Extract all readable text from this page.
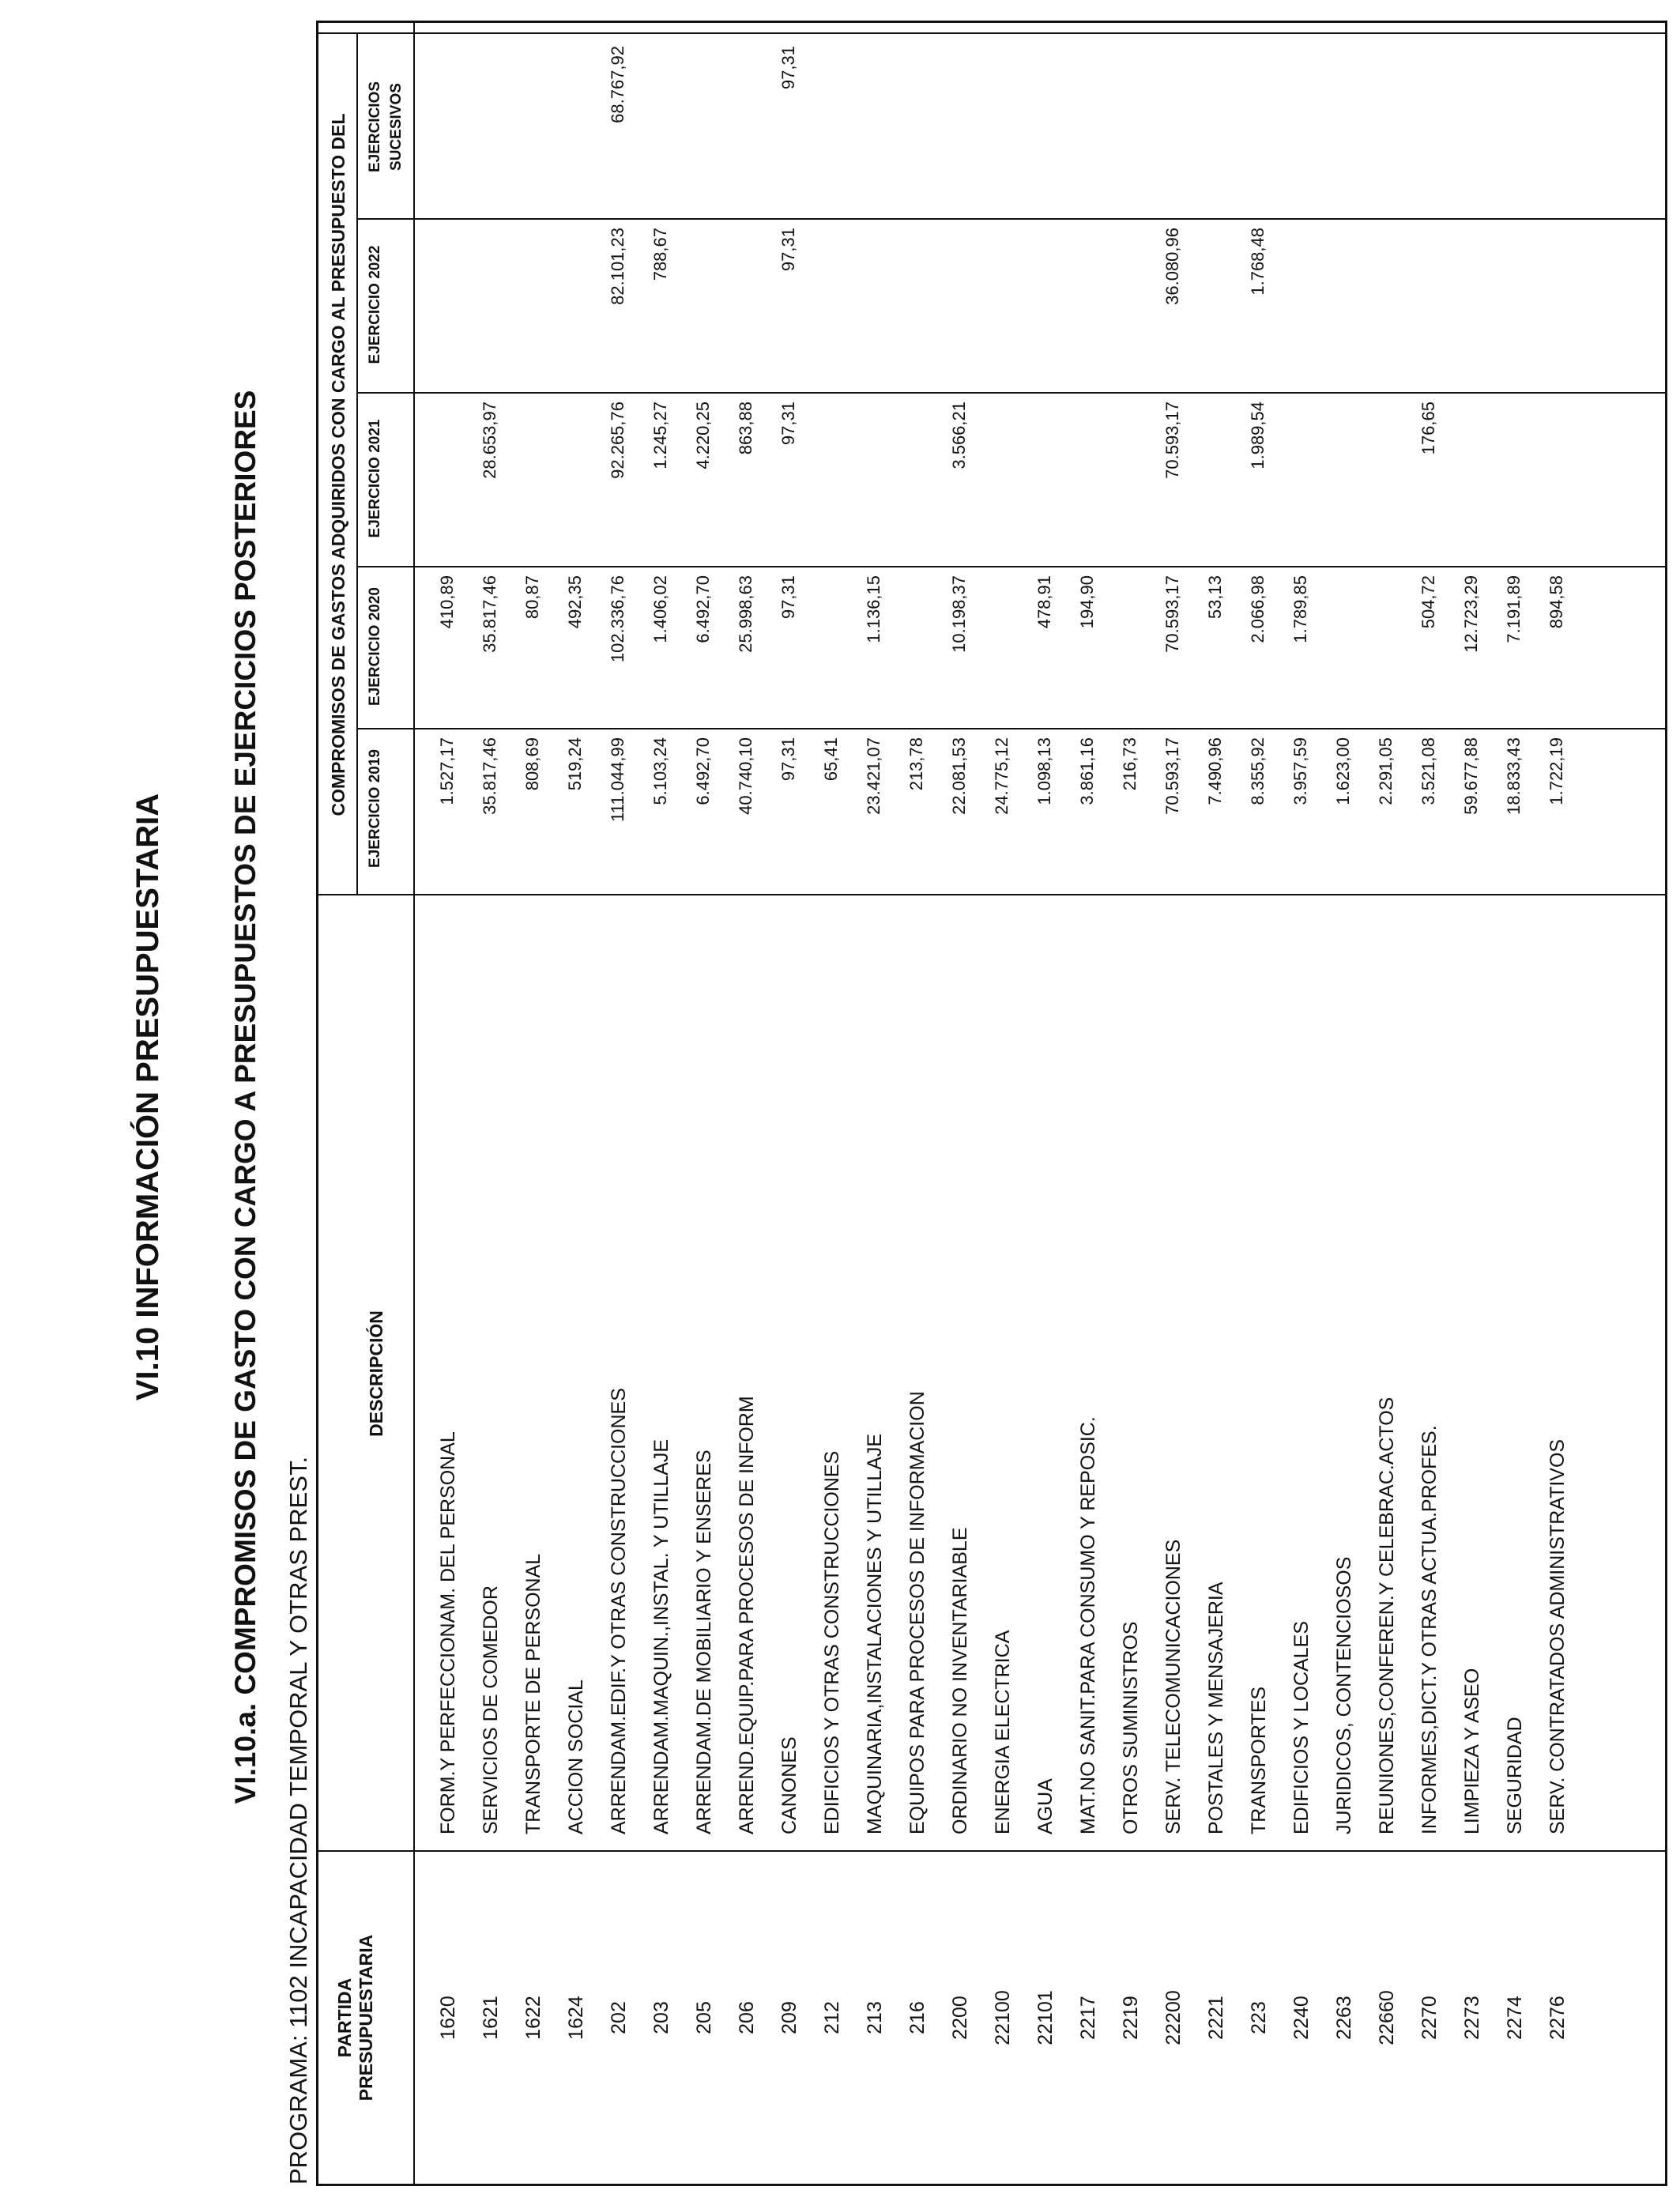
VI.10 INFORMACIÓN PRESUPUESTARIA VI.10.a. COMPROMISOS DE GASTO CON CARGO A PRESUPUESTOS DE EJERCICIOS POSTERIORES
PROGRAMA: 1102 INCAPACIDAD TEMPORAL Y OTRAS PREST. PARTIDA PRESUPUESTARIA
DESCRIPCIÓN
COMPROMISOS DE GASTOS ADQUIRIDOS CON CARGO AL PRESUPUESTO DEL
1620
FORM.Y PERFECCIONAM. DEL PERSONAL
1.527,17
410,89
1621
SERVICIOS DE COMEDOR
35.817,46
35.817,46
28.653,97
1622
TRANSPORTE DE PERSONAL
808,69
80,87
1624
ACCION SOCIAL
519,24
492,35
202
ARRENDAM.EDIF.Y OTRAS CONSTRUCCIONES
111.044,99
102.336,76
92.265,76
82.101,23
68.767,92
203
ARRENDAM.MAQUIN.,INSTAL. Y UTILLAJE
5.103,24
1.406,02
1.245,27
788,67
205
ARRENDAM.DE MOBILIARIO Y ENSERES
6.492,70
6.492,70
4.220,25
206
ARREND.EQUIP.PARA PROCESOS DE INFORM
40.740,10
25.998,63
863,88
209
CANONES
97,31
97,31
97,31
97,31
97,31
212
EDIFICIOS Y OTRAS CONSTRUCCIONES
65,41
213
MAQUINARIA,INSTALACIONES Y UTILLAJE
23.421,07
1.136,15
216
EQUIPOS PARA PROCESOS DE INFORMACION
213,78
2200
ORDINARIO NO INVENTARIABLE
22.081,53
10.198,37
3.566,21
22100
ENERGIA ELECTRICA
24.775,12
22101
AGUA
1.098,13
478,91
2217
MAT.NO SANIT.PARA CONSUMO Y REPOSIC.
3.861,16
194,90
2219
OTROS SUMINISTROS
216,73
22200
SERV. TELECOMUNICACIONES
70.593,17
70.593,17
70.593,17
36.080,96
2221
POSTALES Y MENSAJERIA
7.490,96
53,13
223
TRANSPORTES
8.355,92
2.066,98
1.989,54
1.768,48
2240
EDIFICIOS Y LOCALES
3.957,59
1.789,85
2263
JURIDICOS, CONTENCIOSOS
1.623,00
22660
REUNIONES,CONFEREN.Y CELEBRAC.ACTOS
2.291,05
2270
INFORMES,DICT.Y OTRAS ACTUA.PROFES.
3.521,08
504,72
176,65
2273
LIMPIEZA Y ASEO
59.677,88
12.723,29
2274
SEGURIDAD
18.833,43
7.191,89
2276
SERV. CONTRATADOS ADMINISTRATIVOS
1.722,19
894,58
EJERCICIO 2019
EJERCICIO 2020
EJERCICIO 2021
EJERCICIO 2022
EJERCICIOS SUCESIVOS
